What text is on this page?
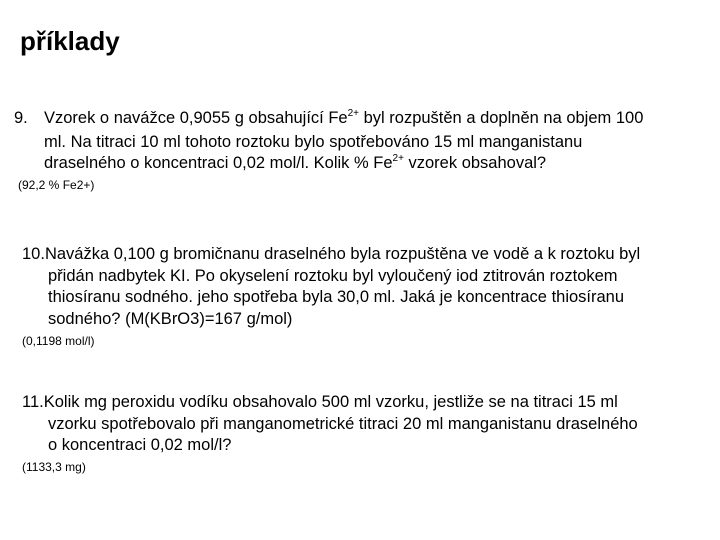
příklady
9. Vzorek o navážce 0,9055 g obsahující $Fe^{2+}$ byl rozpuštěn a doplněn na objem 100
ml. Na titraci 10 ml tohoto roztoku bylo spotřebováno 15 ml manganistanu
draselného o koncentraci 0,02 mol/l. Kolik % $Fe^{2+}$ vzorek obsahoval?
(92,2 % Fe2+)
10.Navážka 0,100 g bromičnanu draselného byla rozpuštěna ve vodě a k roztoku byl
přidán nadbytek KI. Po okyselení roztoku byl vyloučený iod ztitrován roztokem
thiosíranu sodného. jeho spotřeba byla 30,0 ml. Jaká je koncentrace thiosíranu
sodného? (M(KBrO3)=167 g/mol)
(0,1198 mol/l)
11.Kolik mg peroxidu vodíku obsahovalo 500 ml vzorku, jestliže se na titraci 15 ml
vzorku spotřebovalo při manganometrické titraci 20 ml manganistanu draselného
o koncentraci 0,02 mol/l?
(1133,3 mg)
